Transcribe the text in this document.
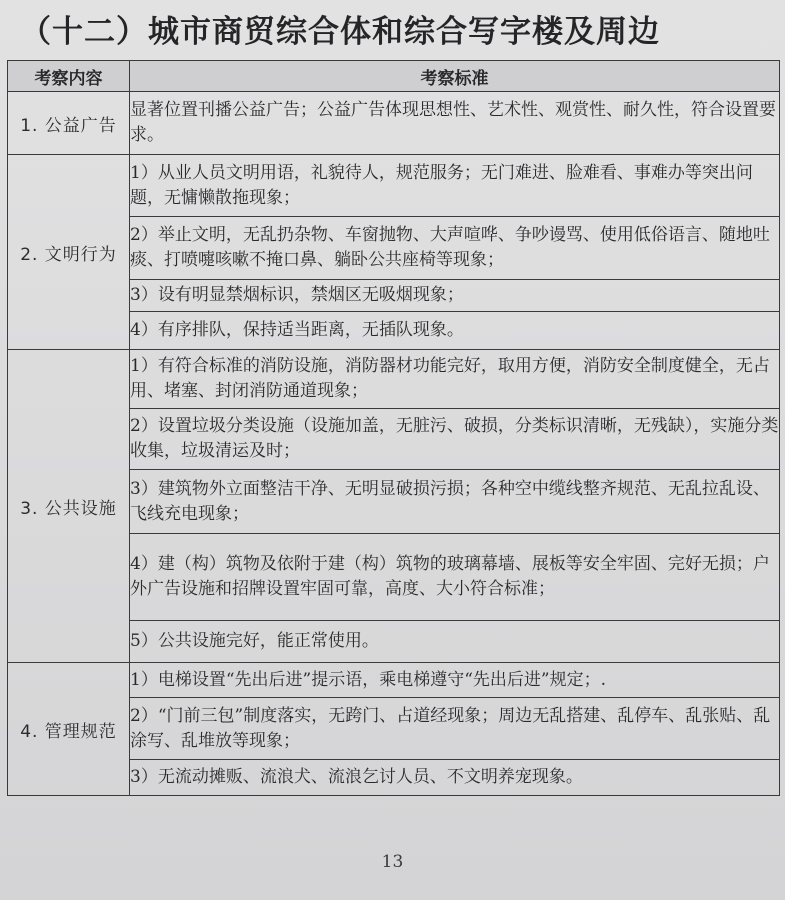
（十二）城市商贸综合体和综合写字楼及周边
考察内容	考察标准
1. 公益广告	显著位置刊播公益广告；公益广告体现思想性、艺术性、观赏性、耐久性，符合设置要求。
2. 文明行为	1）从业人员文明用语，礼貌待人，规范服务；无门难进、脸难看、事难办等突出问题，无慵懒散拖现象；
	2）举止文明，无乱扔杂物、车窗抛物、大声喧哗、争吵谩骂、使用低俗语言、随地吐痰、打喷嚏咳嗽不掩口鼻、躺卧公共座椅等现象；
	3）设有明显禁烟标识，禁烟区无吸烟现象；
	4）有序排队，保持适当距离，无插队现象。
3. 公共设施	1）有符合标准的消防设施，消防器材功能完好，取用方便，消防安全制度健全，无占用、堵塞、封闭消防通道现象；
	2）设置垃圾分类设施（设施加盖，无脏污、破损，分类标识清晰，无残缺），实施分类收集，垃圾清运及时；
	3）建筑物外立面整洁干净、无明显破损污损；各种空中缆线整齐规范、无乱拉乱设、飞线充电现象；
	4）建（构）筑物及依附于建（构）筑物的玻璃幕墙、展板等安全牢固、完好无损；户外广告设施和招牌设置牢固可靠，高度、大小符合标准；
	5）公共设施完好，能正常使用。
4. 管理规范	1）电梯设置“先出后进”提示语，乘电梯遵守“先出后进”规定；.
	2）“门前三包”制度落实，无跨门、占道经现象；周边无乱搭建、乱停车、乱张贴、乱涂写、乱堆放等现象；
	3）无流动摊贩、流浪犬、流浪乞讨人员、不文明养宠现象。
13
